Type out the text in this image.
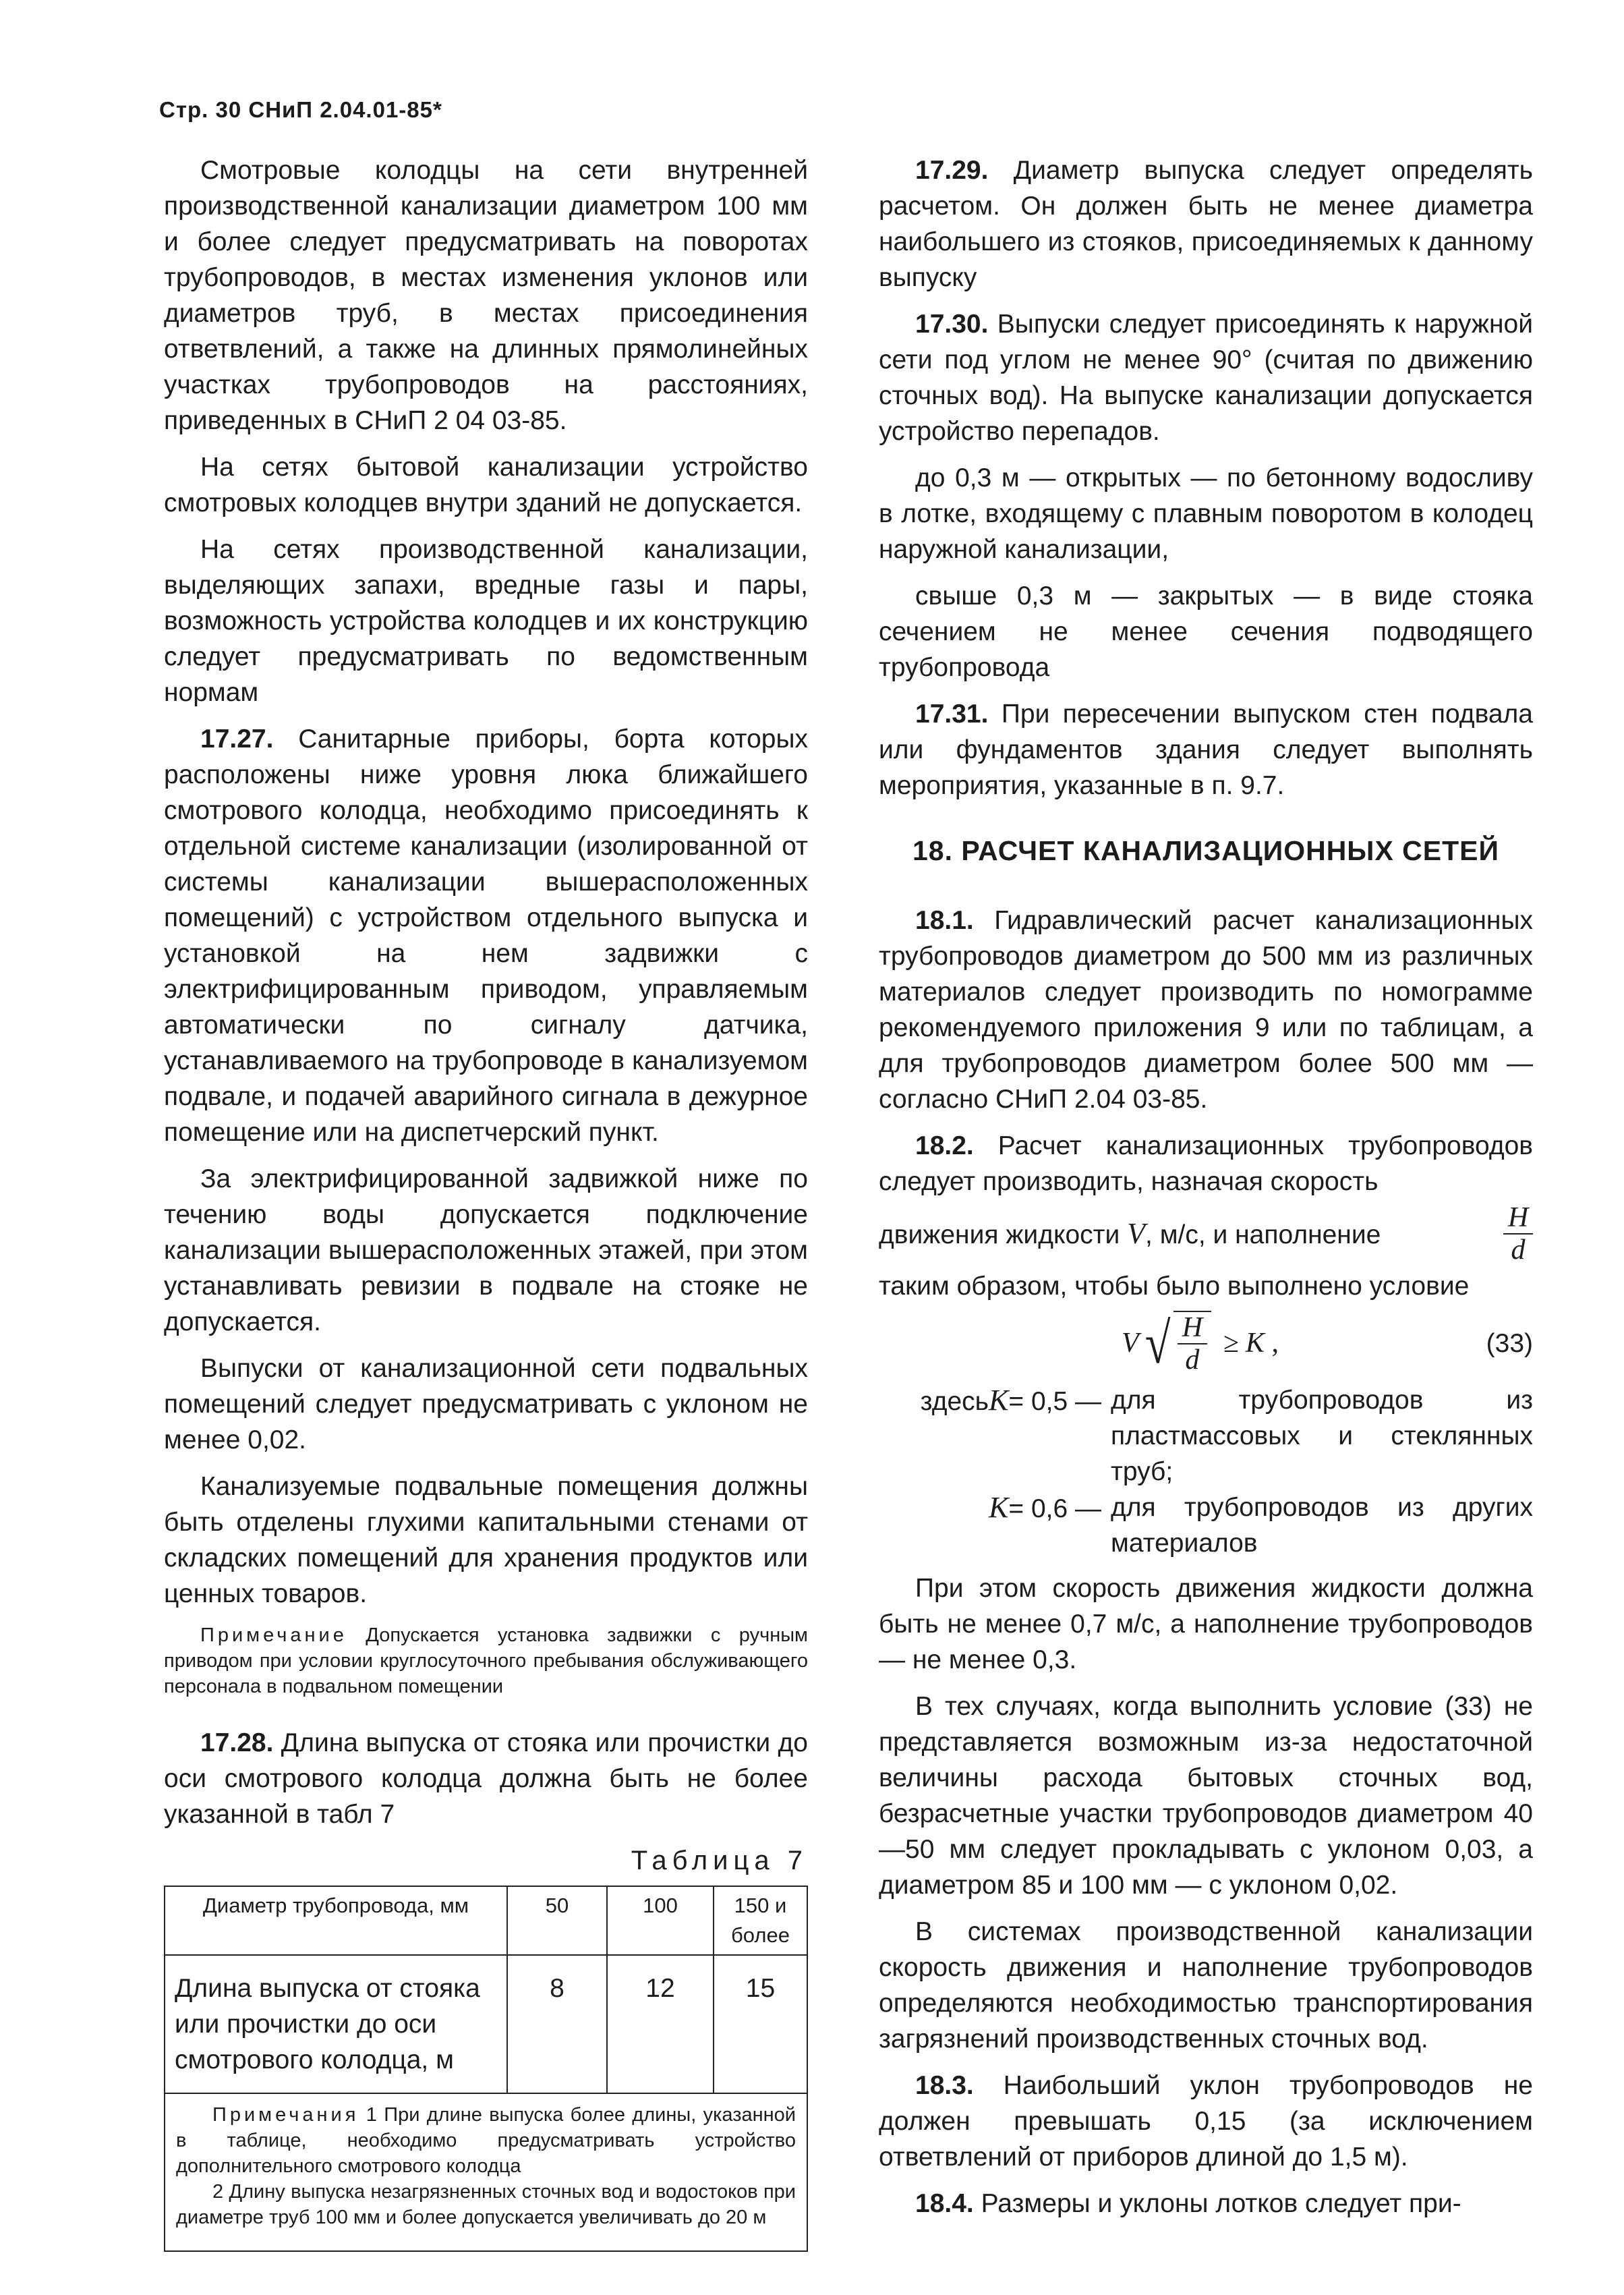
Стр. 30 СНиП 2.04.01-85*

Смотровые колодцы на сети внутренней производственной канализации диаметром 100 мм и более следует предусматривать на поворотах трубопроводов, в местах изменения уклонов или диаметров труб, в местах присоединения ответвлений, а также на длинных прямолинейных участках трубопроводов на расстояниях, приведенных в СНиП 2 04 03-85.

На сетях бытовой канализации устройство смотровых колодцев внутри зданий не допускается.

На сетях производственной канализации, выделяющих запахи, вредные газы и пары, возможность устройства колодцев и их конструкцию следует предусматривать по ведомственным нормам

17.27. Санитарные приборы, борта которых расположены ниже уровня люка ближайшего смотрового колодца, необходимо присоединять к отдельной системе канализации (изолированной от системы канализации вышерасположенных помещений) с устройством отдельного выпуска и установкой на нем задвижки с электрифицированным приводом, управляемым автоматически по сигналу датчика, устанавливаемого на трубопроводе в канализуемом подвале, и подачей аварийного сигнала в дежурное помещение или на диспетчерский пункт.

За электрифицированной задвижкой ниже по течению воды допускается подключение канализации вышерасположенных этажей, при этом устанавливать ревизии в подвале на стояке не допускается.

Выпуски от канализационной сети подвальных помещений следует предусматривать с уклоном не менее 0,02.

Канализуемые подвальные помещения должны быть отделены глухими капитальными стенами от складских помещений для хранения продуктов или ценных товаров.

Примечание Допускается установка задвижки с ручным приводом при условии круглосуточного пребывания обслуживающего персонала в подвальном помещении

17.28. Длина выпуска от стояка или прочистки до оси смотрового колодца должна быть не более указанной в табл 7

Таблица 7
Диаметр трубопровода, мм	50	100	150 и более
Длина выпуска от стояка или прочистки до оси смотрового колодца, м	8	12	15

Примечания 1 При длине выпуска более длины, указанной в таблице, необходимо предусматривать устройство дополнительного смотрового колодца

2 Длину выпуска незагрязненных сточных вод и водостоков при диаметре труб 100 мм и более допускается увеличивать до 20 м

17.29. Диаметр выпуска следует определять расчетом. Он должен быть не менее диаметра наибольшего из стояков, присоединяемых к данному выпуску

17.30. Выпуски следует присоединять к наружной сети под углом не менее 90° (считая по движению сточных вод). На выпуске канализации допускается устройство перепадов.

до 0,3 м — открытых — по бетонному водосливу в лотке, входящему с плавным поворотом в колодец наружной канализации,

свыше 0,3 м — закрытых — в виде стояка сечением не менее сечения подводящего трубопровода

17.31. При пересечении выпуском стен подвала или фундаментов здания следует выполнять мероприятия, указанные в п. 9.7.

18. РАСЧЕТ КАНАЛИЗАЦИОННЫХ СЕТЕЙ

18.1. Гидравлический расчет канализационных трубопроводов диаметром до 500 мм из различных материалов следует производить по номограмме рекомендуемого приложения 9 или по таблицам, а для трубопроводов диаметром более 500 мм — согласно СНиП 2.04 03-85.

18.2. Расчет канализационных трубопроводов следует производить, назначая скорость

движения жидкости V, м/с, и наполнение	$\frac{H}{d}$

таким образом, чтобы было выполнено условие

V √ $\frac{H}{d} \ge K$ ,	(33)
здесьK= 0,5 — для трубопроводов из пластмассовых и стеклянных труб;
K= 0,6 — для трубопроводов из других материалов

При этом скорость движения жидкости должна быть не менее 0,7 м/с, а наполнение трубопроводов — не менее 0,3.

В тех случаях, когда выполнить условие (33) не представляется возможным из-за недостаточной величины расхода бытовых сточных вод, безрасчетные участки трубопроводов диаметром 40—50 мм следует прокладывать с уклоном 0,03, а диаметром 85 и 100 мм — с уклоном 0,02.

В системах производственной канализации скорость движения и наполнение трубопроводов определяются необходимостью транспортирования загрязнений производственных сточных вод.

18.3. Наибольший уклон трубопроводов не должен превышать 0,15 (за исключением ответвлений от приборов длиной до 1,5 м).

18.4. Размеры и уклоны лотков следует при-
